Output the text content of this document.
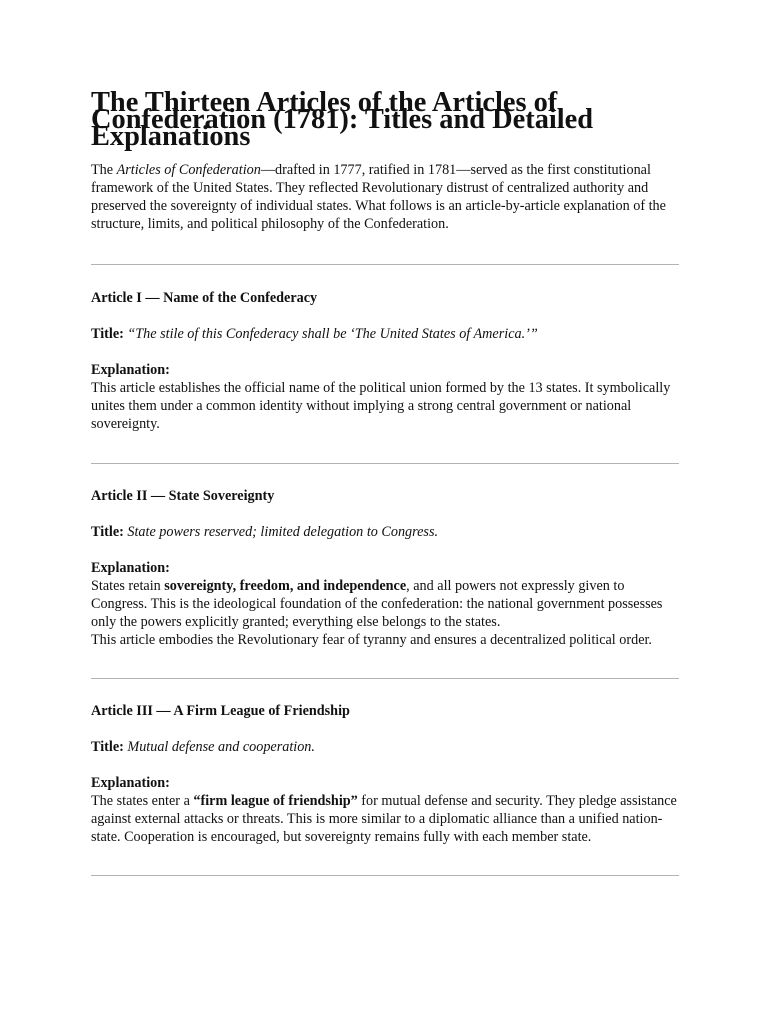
The Thirteen Articles of the Articles of Confederation (1781): Titles and Detailed Explanations

The Articles of Confederation—drafted in 1777, ratified in 1781—served as the first constitutional framework of the United States. They reflected Revolutionary distrust of centralized authority and preserved the sovereignty of individual states. What follows is an article-by-article explanation of the structure, limits, and political philosophy of the Confederation.

Article I — Name of the Confederacy

Title: “The stile of this Confederacy shall be ‘The United States of America.’”

Explanation:

This article establishes the official name of the political union formed by the 13 states. It symbolically unites them under a common identity without implying a strong central government or national sovereignty.

Article II — State Sovereignty

Title: State powers reserved; limited delegation to Congress.

Explanation:

States retain sovereignty, freedom, and independence, and all powers not expressly given to Congress. This is the ideological foundation of the confederation: the national government possesses only the powers explicitly granted; everything else belongs to the states.

This article embodies the Revolutionary fear of tyranny and ensures a decentralized political order.

Article III — A Firm League of Friendship

Title: Mutual defense and cooperation.

Explanation:

The states enter a “firm league of friendship” for mutual defense and security. They pledge assistance against external attacks or threats. This is more similar to a diplomatic alliance than a unified nation-state. Cooperation is encouraged, but sovereignty remains fully with each member state.
